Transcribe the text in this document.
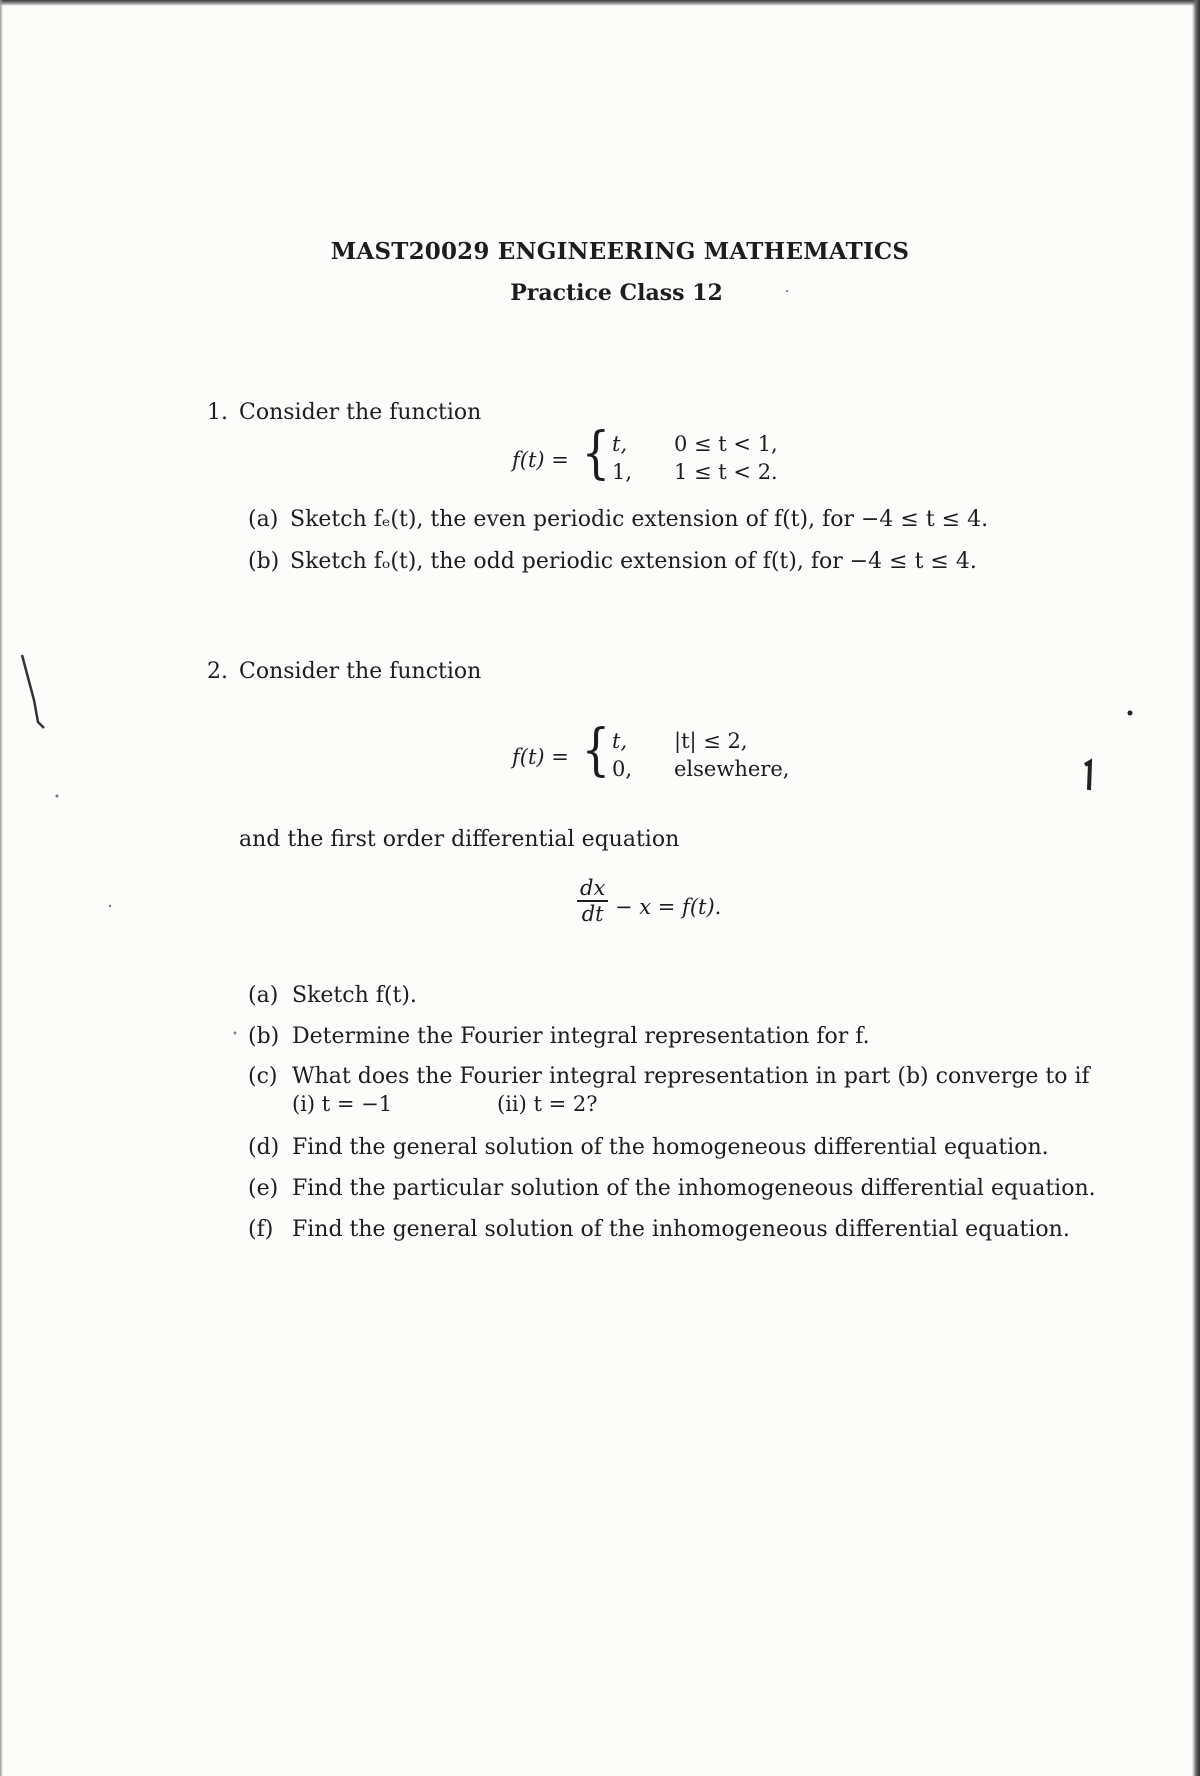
MAST20029 ENGINEERING MATHEMATICS
Practice Class 12
1. Consider the function
f(t) = { t, 0 ≤ t < 1,
1, 1 ≤ t < 2.
(a) Sketch fₑ(t), the even periodic extension of f(t), for −4 ≤ t ≤ 4.
(b) Sketch fₒ(t), the odd periodic extension of f(t), for −4 ≤ t ≤ 4.
2. Consider the function
f(t) = { t, |t| ≤ 2,
0, elsewhere,
and the first order differential equation
dx
dt − x = f(t).
(a) Sketch f(t).
(b) Determine the Fourier integral representation for f.
(c) What does the Fourier integral representation in part (b) converge to if
(i) t = −1	(ii) t = 2?
(d) Find the general solution of the homogeneous differential equation.
(e) Find the particular solution of the inhomogeneous differential equation.
(f) Find the general solution of the inhomogeneous differential equation.
